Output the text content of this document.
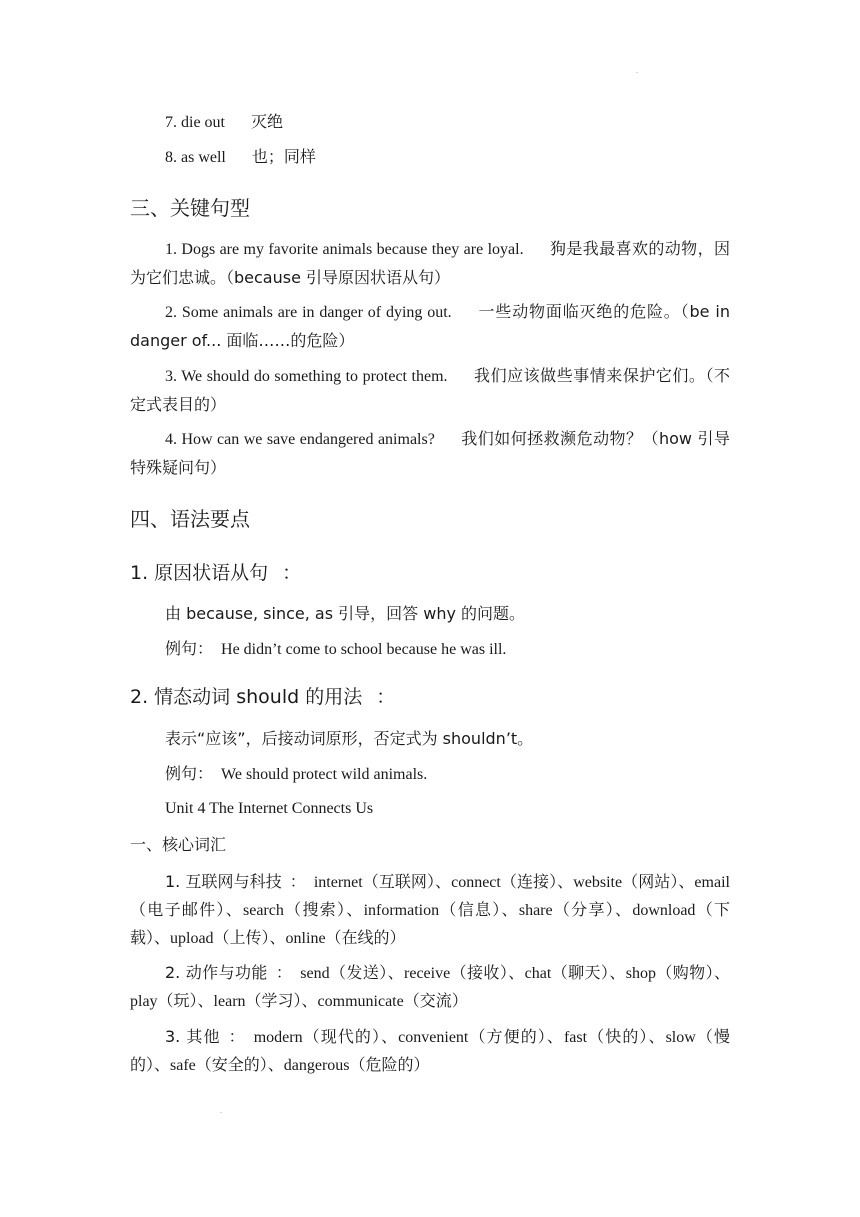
·
7. die out 灭绝
8. as well 也；同样
三、关键句型
1. Dogs are my favorite animals because they are loyal. 狗是我最喜欢的动物，因为它们忠诚。（because 引导原因状语从句）
2. Some animals are in danger of dying out. 一些动物面临灭绝的危险。（be in danger of... 面临……的危险）
3. We should do something to protect them. 我们应该做些事情来保护它们。（不定式表目的）
4. How can we save endangered animals? 我们如何拯救濒危动物？（how 引导特殊疑问句）
四、语法要点
1. 原因状语从句 ：
由 because, since, as 引导，回答 why 的问题。
例句： He didn’t come to school because he was ill.
2. 情态动词 should 的用法 ：
表示“应该”，后接动词原形，否定式为 shouldn’t。
例句： We should protect wild animals.
Unit 4 The Internet Connects Us
一、核心词汇
1. 互联网与科技 ： internet（互联网）、connect（连接）、website（网站）、email（电子邮件）、search（搜索）、information（信息）、share（分享）、download（下载）、upload（上传）、online（在线的）
2. 动作与功能 ： send（发送）、receive（接收）、chat（聊天）、shop（购物）、play（玩）、learn（学习）、communicate（交流）
3. 其他 ： modern（现代的）、convenient（方便的）、fast（快的）、slow（慢的）、safe（安全的）、dangerous（危险的）
·
